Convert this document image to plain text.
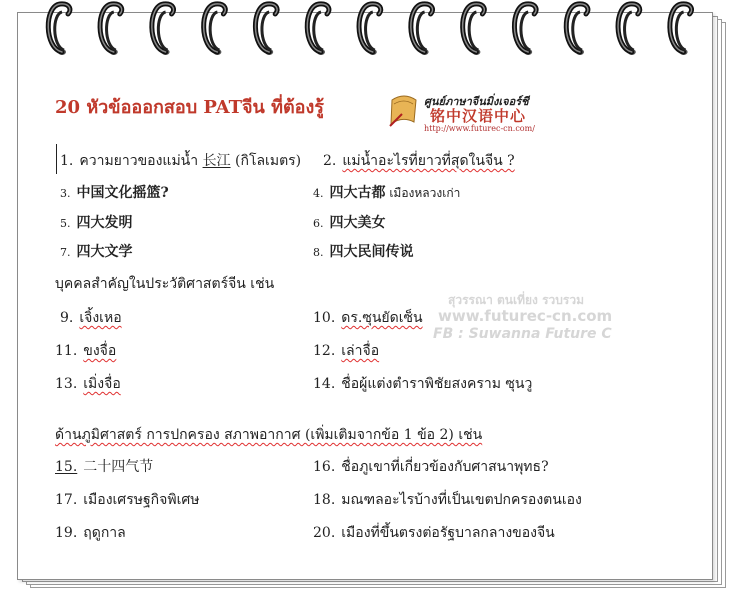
20 หัวข้อออกสอบ PATจีน ที่ต้องรู้	ศูนย์ภาษาจีนมิ่งเจอร์ชี
铭中汉语中心
http://www.futurec-cn.com/
สุวรรณา ตนเที่ยง รวบรวม
www.futurec-cn.com
FB : Suwanna Future C
1. ความยาวของแม่น้ำ 长江 (กิโลเมตร) 2. แม่น้ำอะไรที่ยาวที่สุดในจีน ?
3. 中国文化摇篮?	4. 四大古都 เมืองหลวงเก่า
5. 四大发明	6. 四大美女
7. 四大文学	8. 四大民间传说
บุคคลสำคัญในประวัติศาสตร์จีน เช่น
9. เจิ้งเหอ	10. ดร.ซุนยัดเซ็น
11. ขงจื่อ	12. เล่าจื่อ
13. เมิ่งจื่อ	14. ชื่อผู้แต่งตำราพิชัยสงคราม ซุนวู
ด้านภูมิศาสตร์ การปกครอง สภาพอากาศ (เพิ่มเติมจากข้อ 1 ข้อ 2) เช่น
15. 二十四气节	16. ชื่อภูเขาที่เกี่ยวข้องกับศาสนาพุทธ?
17. เมืองเศรษฐกิจพิเศษ	18. มณฑลอะไรบ้างที่เป็นเขตปกครองตนเอง
19. ฤดูกาล	20. เมืองที่ขึ้นตรงต่อรัฐบาลกลางของจีน
